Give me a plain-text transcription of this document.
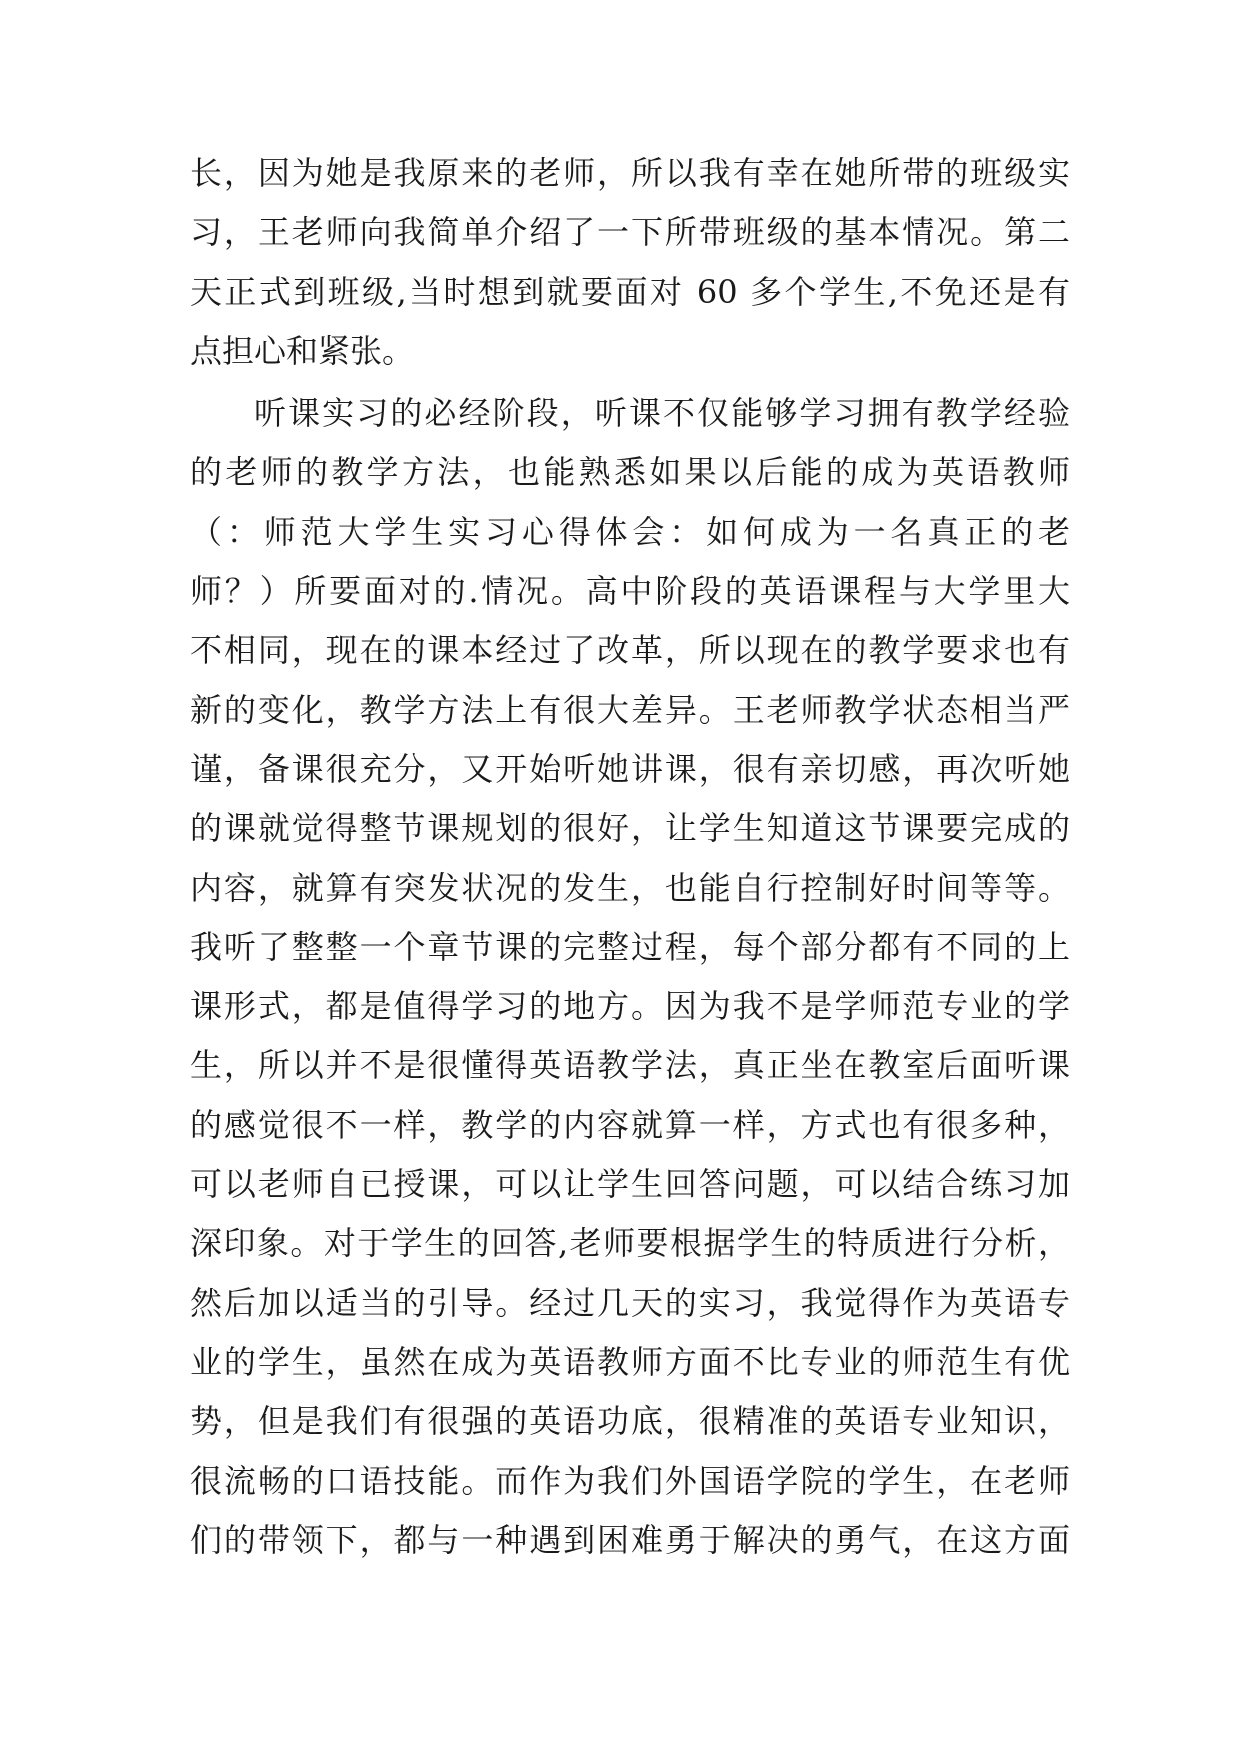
长，因为她是我原来的老师，所以我有幸在她所带的班级实
习，王老师向我简单介绍了一下所带班级的基本情况。第二
天正式到班级,当时想到就要面对 60 多个学生,不免还是有
点担心和紧张。
听课实习的必经阶段，听课不仅能够学习拥有教学经验
的老师的教学方法，也能熟悉如果以后能的成为英语教师
（：师范大学生实习心得体会：如何成为一名真正的老
师？）所要面对的.情况。高中阶段的英语课程与大学里大
不相同，现在的课本经过了改革，所以现在的教学要求也有
新的变化，教学方法上有很大差异。王老师教学状态相当严
谨，备课很充分，又开始听她讲课，很有亲切感，再次听她
的课就觉得整节课规划的很好，让学生知道这节课要完成的
内容，就算有突发状况的发生，也能自行控制好时间等等。
我听了整整一个章节课的完整过程，每个部分都有不同的上
课形式，都是值得学习的地方。因为我不是学师范专业的学
生，所以并不是很懂得英语教学法，真正坐在教室后面听课
的感觉很不一样，教学的内容就算一样，方式也有很多种，
可以老师自已授课，可以让学生回答问题，可以结合练习加
深印象。对于学生的回答,老师要根据学生的特质进行分析，
然后加以适当的引导。经过几天的实习，我觉得作为英语专
业的学生，虽然在成为英语教师方面不比专业的师范生有优
势，但是我们有很强的英语功底，很精准的英语专业知识，
很流畅的口语技能。而作为我们外国语学院的学生，在老师
们的带领下，都与一种遇到困难勇于解决的勇气，在这方面
